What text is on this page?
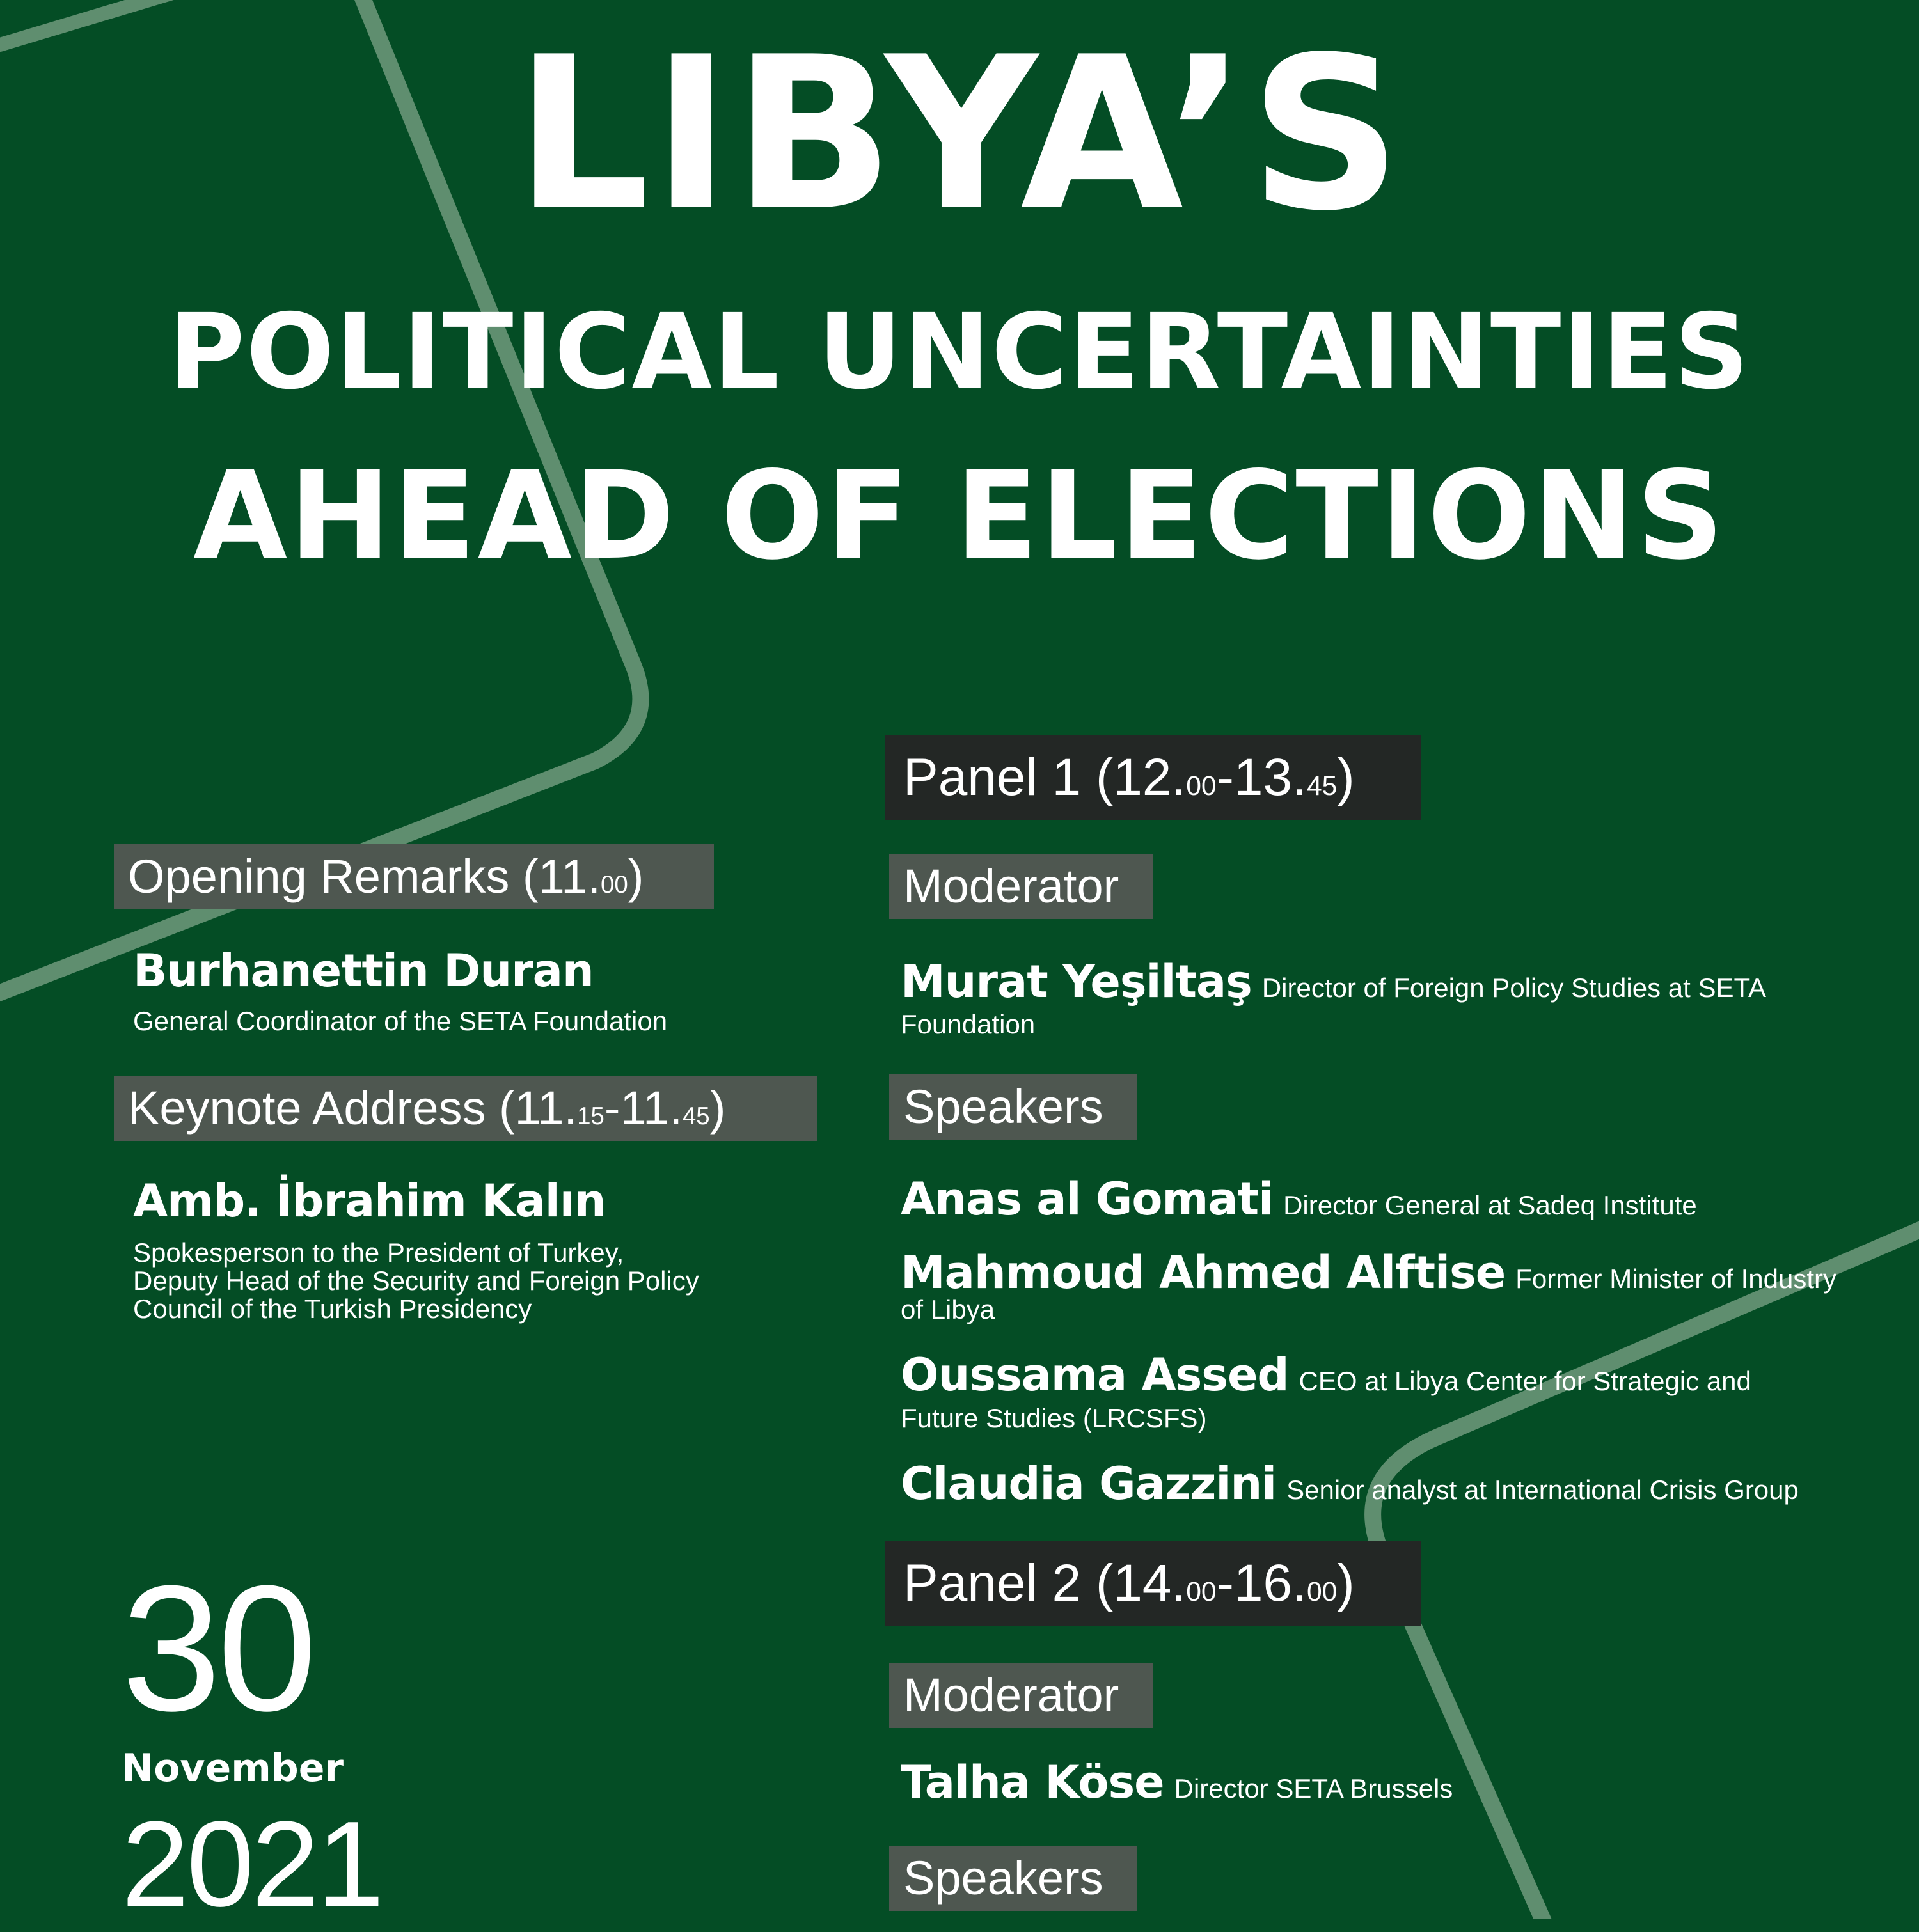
LIBYA’S
POLITICAL UNCERTAINTIES
AHEAD OF ELECTIONS
Opening Remarks (11.00)
Burhanettin Duran
General Coordinator of the SETA Foundation
Keynote Address (11.15-11.45)
Amb. İbrahim Kalın
Spokesperson to the President of Turkey,
Deputy Head of the Security and Foreign Policy
Council of the Turkish Presidency
Panel 1 (12.00-13.45)
Moderator
Murat Yeşiltaş Director of Foreign Policy Studies at SETA
Foundation
Speakers
Anas al Gomati Director General at Sadeq Institute
Mahmoud Ahmed Alftise Former Minister of Industry
of Libya
Oussama Assed CEO at Libya Center for Strategic and
Future Studies (LRCSFS)
Claudia Gazzini Senior analyst at International Crisis Group
Panel 2 (14.00-16.00)
Moderator
Talha Köse Director SETA Brussels
Speakers
30
November
2021
